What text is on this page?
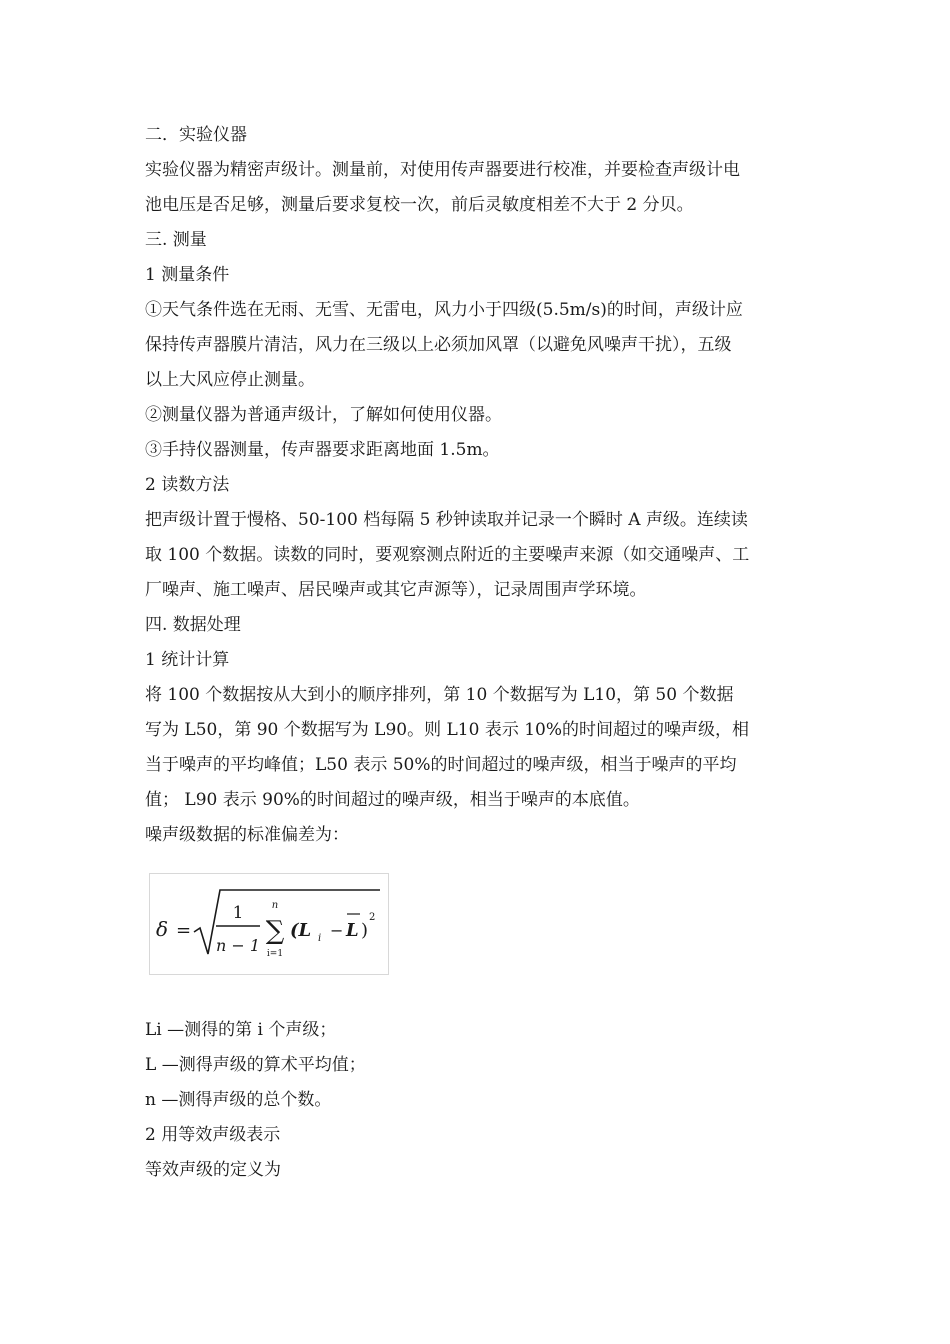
二．实验仪器
实验仪器为精密声级计。测量前，对使用传声器要进行校准，并要检查声级计电
池电压是否足够，测量后要求复校一次，前后灵敏度相差不大于 2 分贝。
三. 测量
1 测量条件
①天气条件选在无雨、无雪、无雷电，风力小于四级(5.5m/s)的时间，声级计应
保持传声器膜片清洁，风力在三级以上必须加风罩（以避免风噪声干扰），五级
以上大风应停止测量。
②测量仪器为普通声级计，了解如何使用仪器。
③手持仪器测量，传声器要求距离地面 1.5m。
2 读数方法
把声级计置于慢格、50-100 档每隔 5 秒钟读取并记录一个瞬时 A 声级。连续读
取 100 个数据。读数的同时，要观察测点附近的主要噪声来源（如交通噪声、工
厂噪声、施工噪声、居民噪声或其它声源等），记录周围声学环境。
四. 数据处理
1 统计计算
将 100 个数据按从大到小的顺序排列，第 10 个数据写为 L10，第 50 个数据
写为 L50，第 90 个数据写为 L90。则 L10 表示 10%的时间超过的噪声级，相
当于噪声的平均峰值；L50 表示 50%的时间超过的噪声级，相当于噪声的平均
值； L90 表示 90%的时间超过的噪声级，相当于噪声的本底值。
噪声级数据的标准偏差为：
δ =
1
n − 1
n
∑
i=1
(L i − L )
2
Li —测得的第 i 个声级；
L —测得声级的算术平均值；
n —测得声级的总个数。
2 用等效声级表示
等效声级的定义为
